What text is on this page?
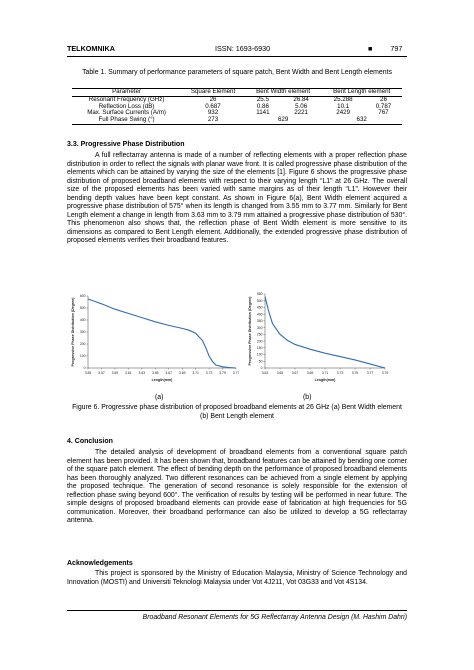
TELKOMNIKA	ISSN: 1693-6930	■	797
Table 1. Summary of performance parameters of square patch, Bent Width and Bent Length elements
Parameter	Square Element	Bent Width element		Bent Length element	
Resonant Frequency (GHz)	26	25.5	26.84	25.288	26
Reflection Loss (dB)	0.687	0.86	5.06	10.1	0.787
Max. Surface Currents (A/m)	932	1141	2221	2429	767
Full Phase Swing (°)	273	629		632	
3.3. Progressive Phase Distribution
A full reflectarray antenna is made of a number of reflecting elements with a proper reflection phase distribution in order to reflect the signals with planar wave front. It is called progressive phase distribution of the elements which can be attained by varying the size of the elements [1]. Figure 6 shows the progressive phase distribution of proposed broadband elements with respect to their varying length “L1” at 26 GHz. The overall size of the proposed elements has been varied with same margins as of their length “L1”. However their bending depth values have been kept constant. As shown in Figure 6(a), Bent Width element acquired a progressive phase distribution of 575° when its length is changed from 3.55 mm to 3.77 mm. Similarly for Bent Length element a change in length from 3.63 mm to 3.79 mm attained a progressive phase distribution of 530°. This phenomenon also shows that, the reflection phase of Bent Width element is more sensitive to its dimensions as compared to Bent Length element. Additionally, the extended progressive phase distribution of proposed elements verifies their broadband features.
0
100
200
300
400
500
600
3.55 3.57 3.59 3.61 3.63 3.65 3.67 3.69 3.71 3.73 3.75 3.77
Length(mm)
Progressive Phase Distribution (Degree)
0
50
100
150
200
250
300
350
400
450
500
550
3.63 3.65 3.67 3.69 3.71 3.73 3.75 3.77 3.79
Length(mm)
Progressive Phase Distribution (Degree)
(a)	(b)
Figure 6. Progressive phase distribution of proposed broadband elements at 26 GHz (a) Bent Width element (b) Bent Length element
4. Conclusion
The detailed analysis of development of broadband elements from a conventional square patch element has been provided. It has been shown that, broadband features can be attained by bending one corner of the square patch element. The effect of bending depth on the performance of proposed broadband elements has been thoroughly analyzed. Two different resonances can be achieved from a single element by applying the proposed technique. The generation of second resonance is solely responsible for the extension of reflection phase swing beyond 600°. The verification of results by testing will be performed in near future. The simple designs of proposed broadband elements can provide ease of fabrication at high frequencies for 5G communication. Moreover, their broadband performance can also be utilized to develop a 5G reflectarray antenna.
Acknowledgements
This project is sponsored by the Ministry of Education Malaysia, Ministry of Science Technology and Innovation (MOSTI) and Universiti Teknologi Malaysia under Vot 4J211, Vot 03G33 and Vot 4S134.
Broadband Resonant Elements for 5G Reflectarray Antenna Design (M. Hashim Dahri)
